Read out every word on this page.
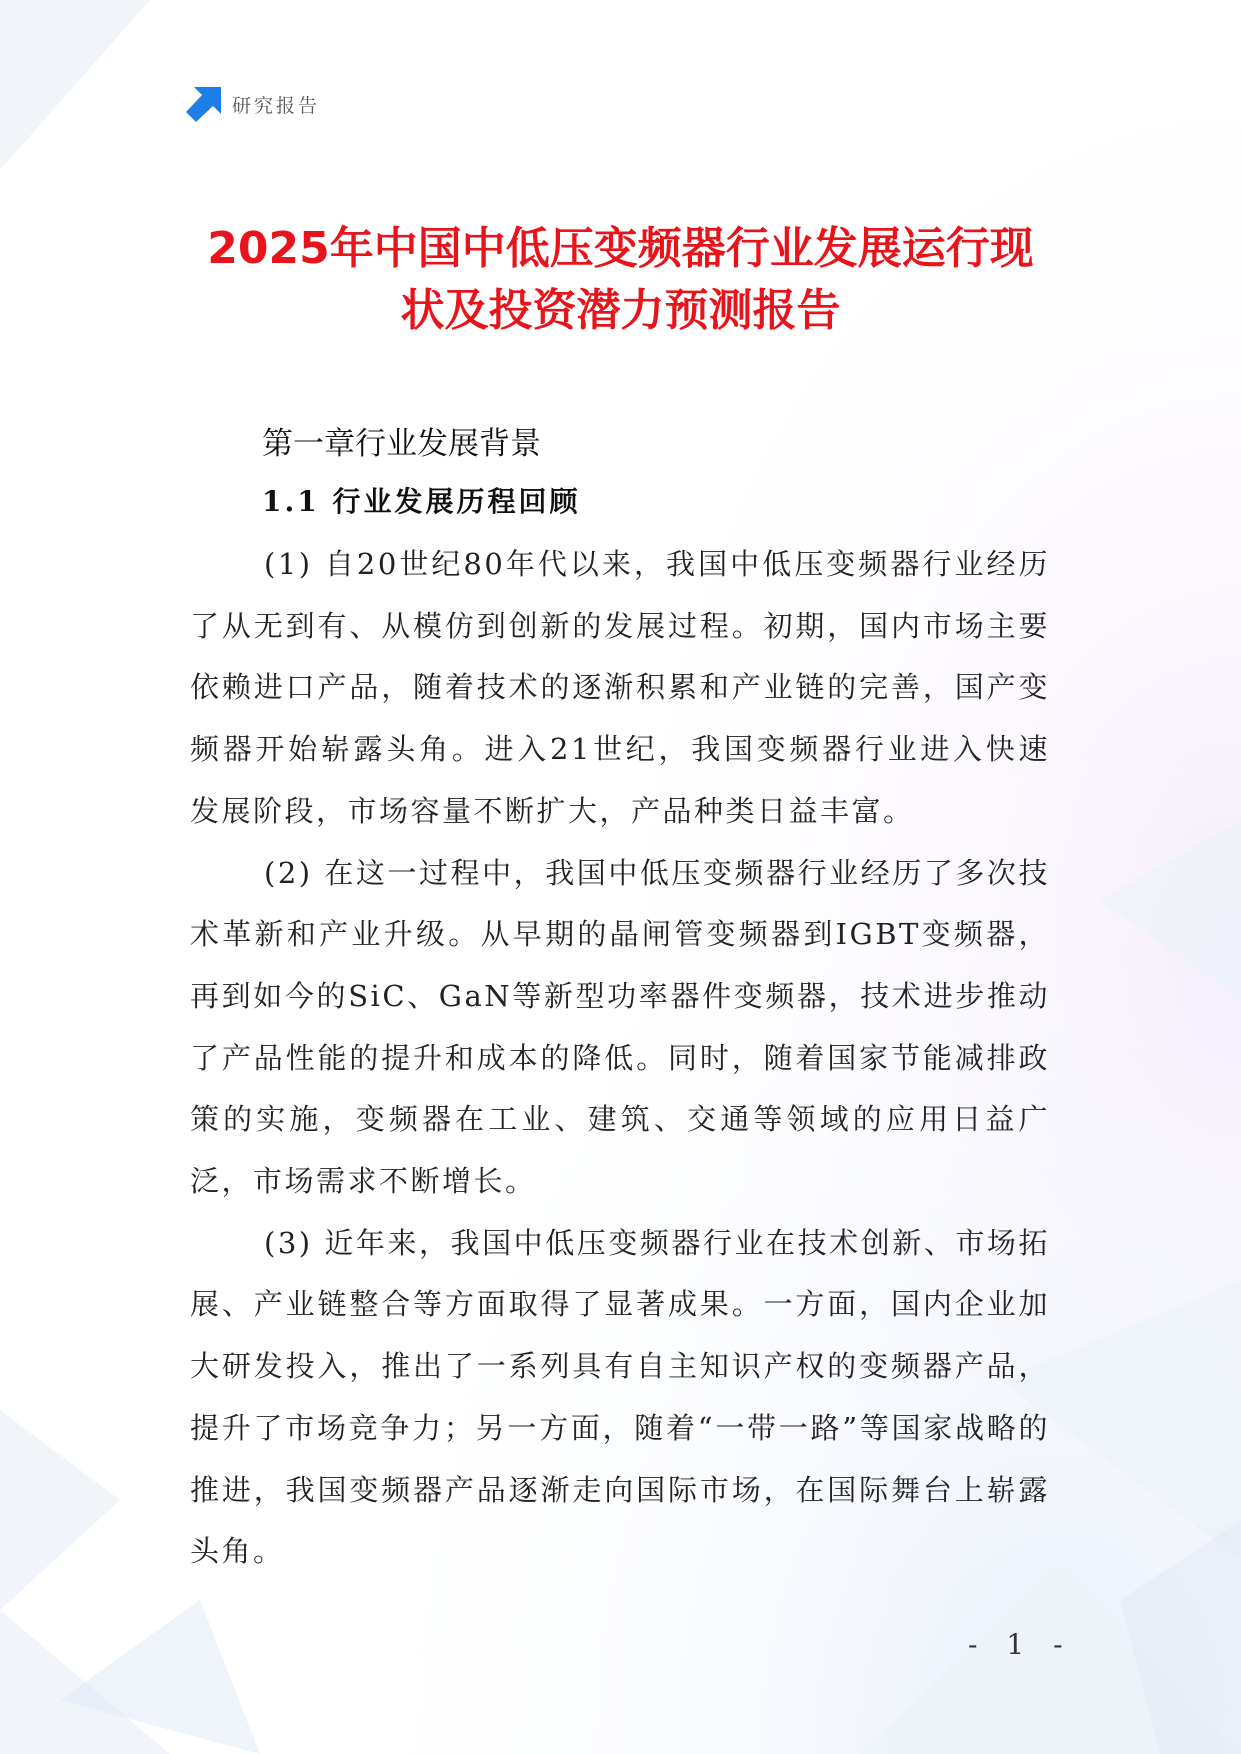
研究报告
2025年中国中低压变频器行业发展运行现
状及投资潜力预测报告
第一章行业发展背景
1.1 行业发展历程回顾

(1) 自20世纪80年代以来，我国中低压变频器行业经历了从无到有、从模仿到创新的发展过程。初期，国内市场主要依赖进口产品，随着技术的逐渐积累和产业链的完善，国产变频器开始崭露头角。进入21世纪，我国变频器行业进入快速发展阶段，市场容量不断扩大，产品种类日益丰富。

(2) 在这一过程中，我国中低压变频器行业经历了多次技术革新和产业升级。从早期的晶闸管变频器到IGBT变频器，再到如今的SiC、GaN等新型功率器件变频器，技术进步推动了产品性能的提升和成本的降低。同时，随着国家节能减排政策的实施，变频器在工业、建筑、交通等领域的应用日益广泛，市场需求不断增长。

(3) 近年来，我国中低压变频器行业在技术创新、市场拓展、产业链整合等方面取得了显著成果。一方面，国内企业加大研发投入，推出了一系列具有自主知识产权的变频器产品，提升了市场竞争力；另一方面，随着“一带一路”等国家战略的推进，我国变频器产品逐渐走向国际市场，在国际舞台上崭露头角。

- 1 -
